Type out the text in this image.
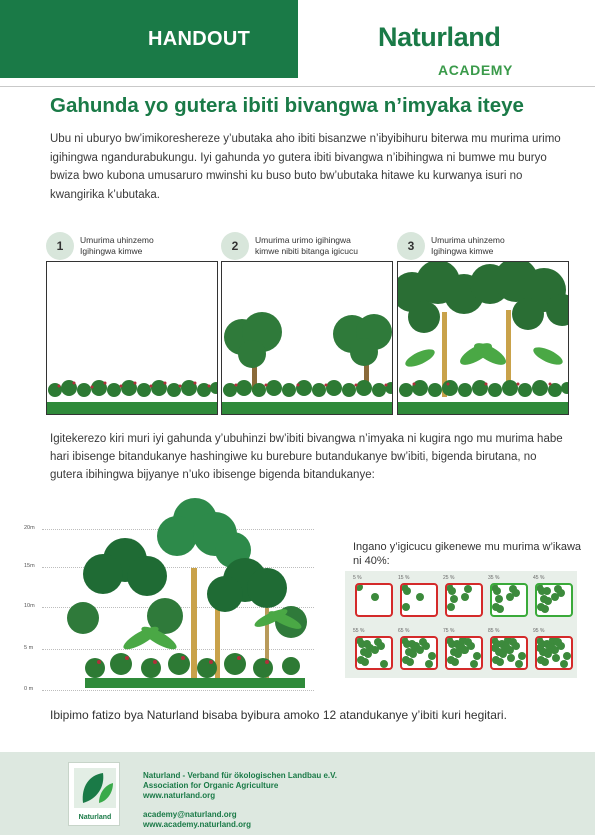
HANDOUT	Naturland
ACADEMY
Gahunda yo gutera ibiti bivangwa n’imyaka iteye
Ubu ni uburyo bw’imikoreshereze y’ubutaka aho ibiti bisanzwe n’ibyibihuru biterwa mu murima urimo igihingwa ngandurabukungu. Iyi gahunda yo gutera ibiti bivangwa n’ibihingwa ni bumwe mu buryo bwiza bwo kubona umusaruro mwinshi ku buso buto bw’ubutaka hitawe ku kurwanya isuri no kwangirika k’ubutaka.
1	Umurima uhinzemo
Igihingwa kimwe	2	Umurima urimo igihingwa
kimwe nibiti bitanga igicucu	3	Umurima uhinzemo
Igihingwa kimwe
Igitekerezo kiri muri iyi gahunda y’ubuhinzi bw’ibiti bivangwa n’imyaka ni kugira ngo mu murima habe hari ibisenge bitandukanye hashingiwe ku burebure butandukanye bw’ibiti, bigenda birutana, no gutera ibihingwa bijyanye n’uko ibisenge bigenda bitandukanye:
20m
15m
10m
5 m
0 m
Ingano y’igicucu gikenewe mu murima w’ikawa ni 40%:
5 %	15 %	25 %	35 %	45 %
55 %	65 %	75 %	85 %	95 %
Ibipimo fatizo bya Naturland bisaba byibura amoko 12 atandukanye y’ibiti kuri hegitari.
Naturland
Naturland - Verband für ökologischen Landbau e.V.
Association for Organic Agriculture
www.naturland.org
academy@naturland.org
www.academy.naturland.org
